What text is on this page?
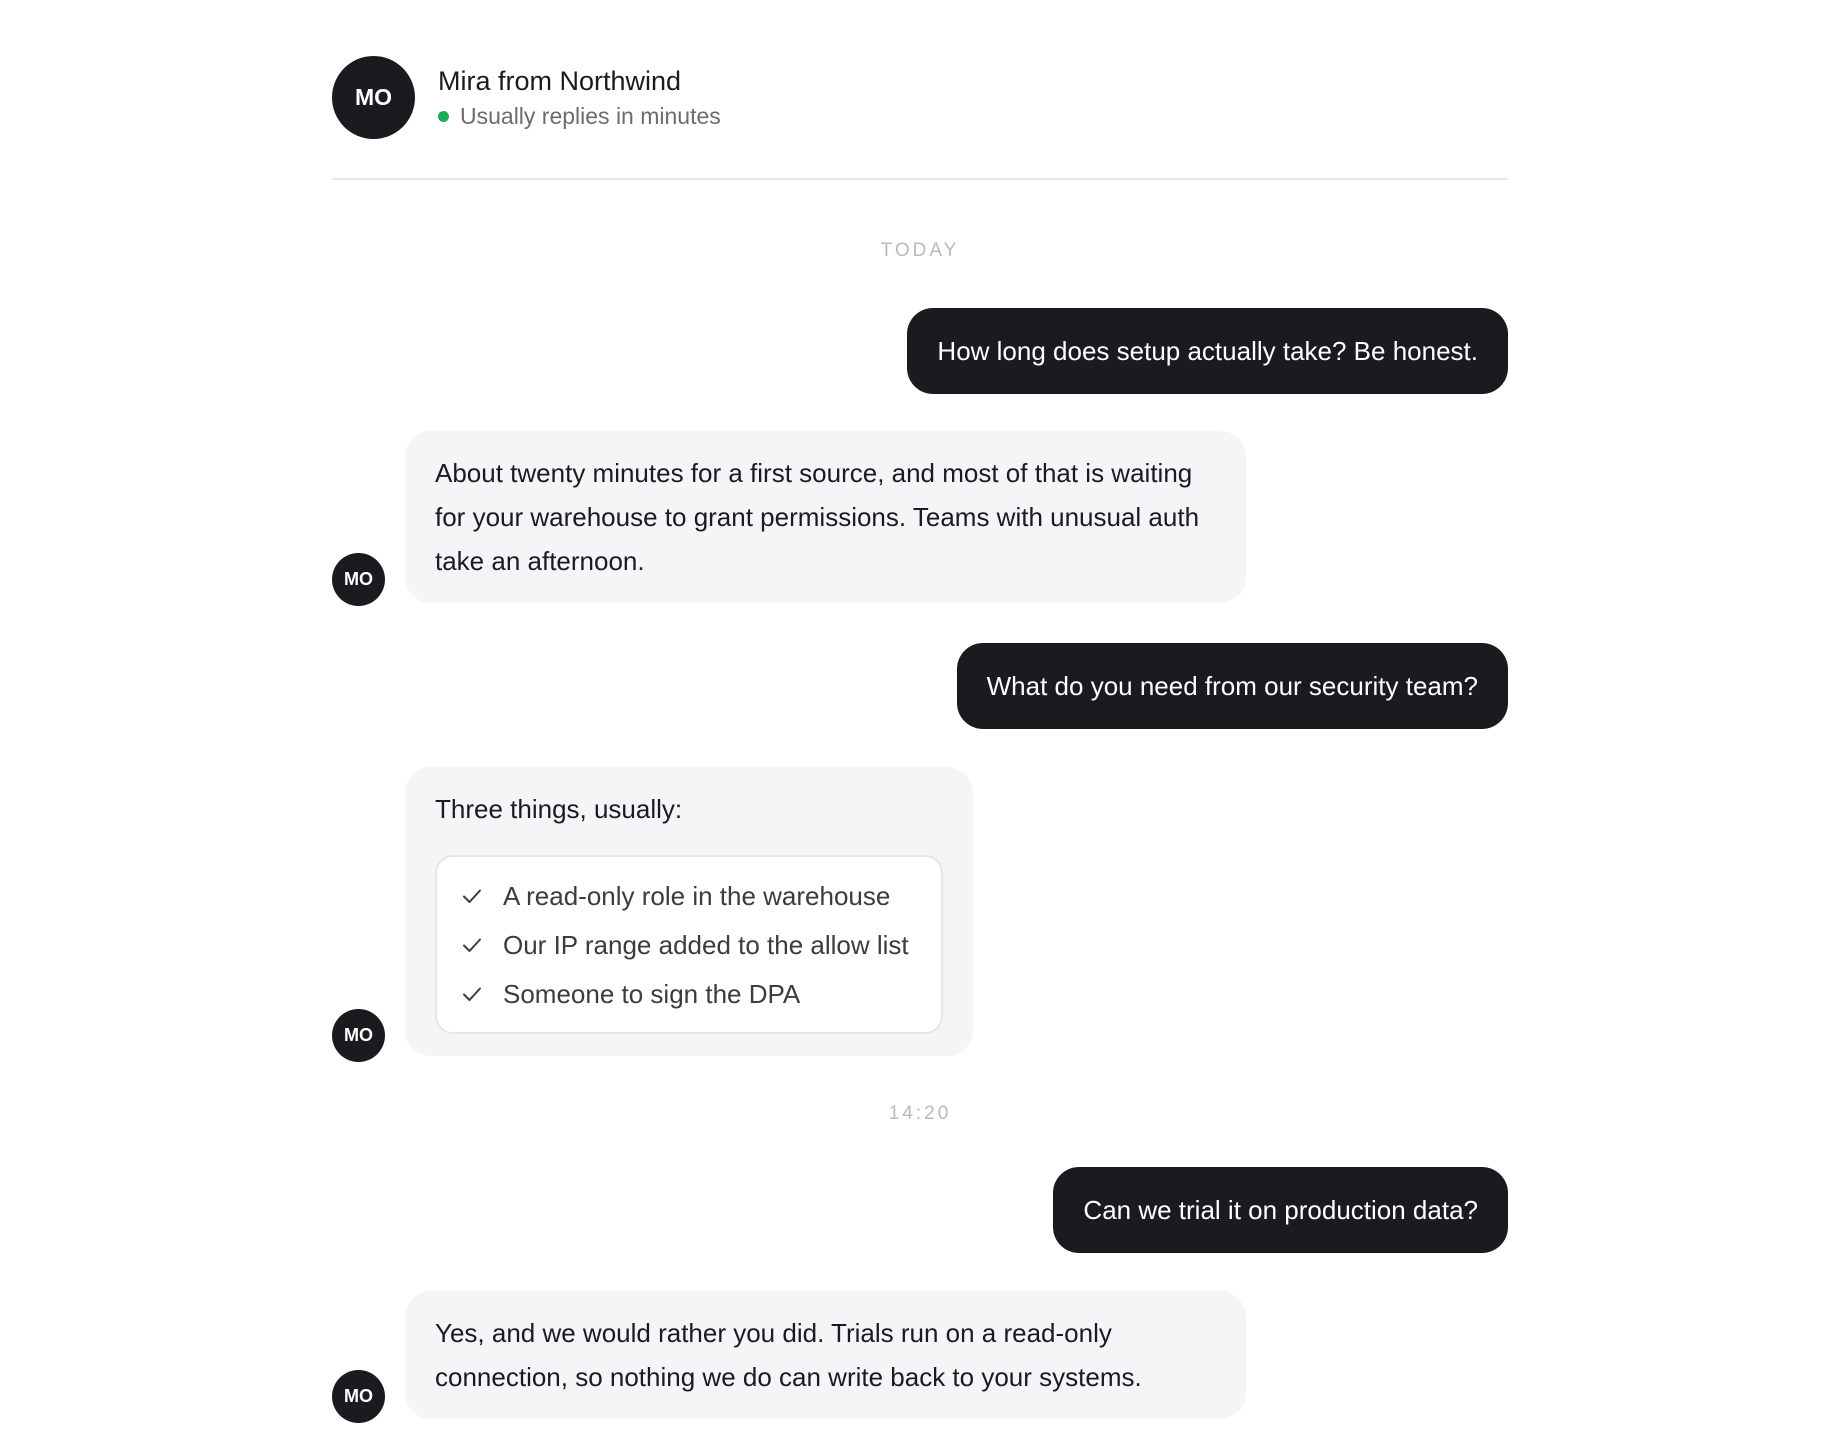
MO
Mira from Northwind
Usually replies in minutes
TODAY
How long does setup actually take? Be honest.
About twenty minutes for a first source, and most of that is waiting for your warehouse to grant permissions. Teams with unusual auth take an afternoon.
MO
What do you need from our security team?
Three things, usually:
A read-only role in the warehouse
Our IP range added to the allow list
Someone to sign the DPA
MO
14:20
Can we trial it on production data?
Yes, and we would rather you did. Trials run on a read-only connection, so nothing we do can write back to your systems.
MO
